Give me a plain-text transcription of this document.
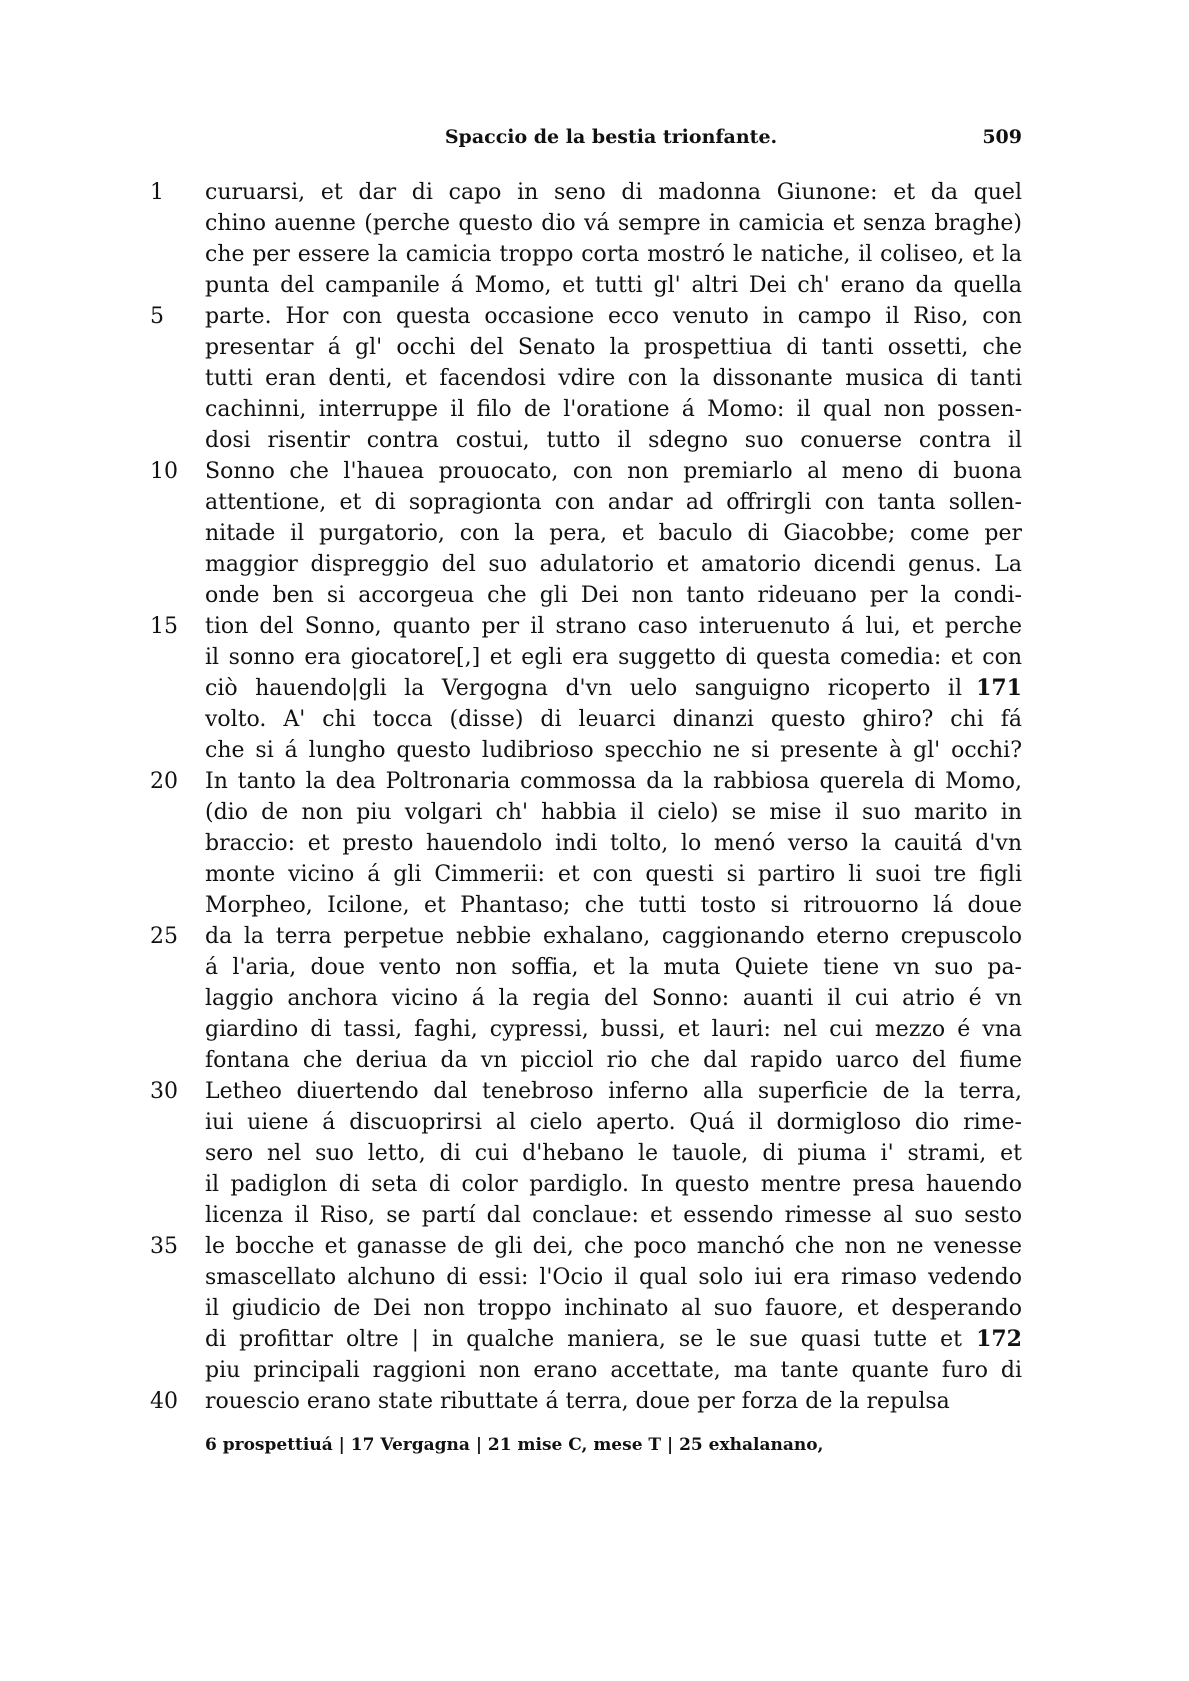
Spaccio de la bestia trionfante.	509
1	curuarsi, et dar di capo in seno di madonna Giunone: et da quel
chino auenne (perche questo dio vá sempre in camicia et senza braghe)
che per essere la camicia troppo corta mostró le natiche, il coliseo, et la
punta del campanile á Momo, et tutti gl' altri Dei ch' erano da quella
5	parte. Hor con questa occasione ecco venuto in campo il Riso, con
presentar á gl' occhi del Senato la prospettiua di tanti ossetti, che
tutti eran denti, et facendosi vdire con la dissonante musica di tanti
cachinni, interruppe il filo de l'oratione á Momo: il qual non possen-
dosi risentir contra costui, tutto il sdegno suo conuerse contra il
10	Sonno che l'hauea prouocato, con non premiarlo al meno di buona
attentione, et di sopragionta con andar ad offrirgli con tanta sollen-
nitade il purgatorio, con la pera, et baculo di Giacobbe; come per
maggior dispreggio del suo adulatorio et amatorio dicendi genus. La
onde ben si accorgeua che gli Dei non tanto rideuano per la condi-
15	tion del Sonno, quanto per il strano caso interuenuto á lui, et perche
il sonno era giocatore[,] et egli era suggetto di questa comedia: et con
ciò hauendo|gli la Vergogna d'vn uelo sanguigno ricoperto il 171
volto. A' chi tocca (disse) di leuarci dinanzi questo ghiro? chi fá
che si á lungho questo ludibrioso specchio ne si presente à gl' occhi?
20	In tanto la dea Poltronaria commossa da la rabbiosa querela di Momo,
(dio de non piu volgari ch' habbia il cielo) se mise il suo marito in
braccio: et presto hauendolo indi tolto, lo menó verso la cauitá d'vn
monte vicino á gli Cimmerii: et con questi si partiro li suoi tre figli
Morpheo, Icilone, et Phantaso; che tutti tosto si ritrouorno lá doue
25	da la terra perpetue nebbie exhalano, caggionando eterno crepuscolo
á l'aria, doue vento non soffia, et la muta Quiete tiene vn suo pa-
laggio anchora vicino á la regia del Sonno: auanti il cui atrio é vn
giardino di tassi, faghi, cypressi, bussi, et lauri: nel cui mezzo é vna
fontana che deriua da vn picciol rio che dal rapido uarco del fiume
30	Letheo diuertendo dal tenebroso inferno alla superficie de la terra,
iui uiene á discuoprirsi al cielo aperto. Quá il dormigloso dio rime-
sero nel suo letto, di cui d'hebano le tauole, di piuma i' strami, et
il padiglon di seta di color pardiglo. In questo mentre presa hauendo
licenza il Riso, se partí dal conclaue: et essendo rimesse al suo sesto
35	le bocche et ganasse de gli dei, che poco manchó che non ne venesse
smascellato alchuno di essi: l'Ocio il qual solo iui era rimaso vedendo
il giudicio de Dei non troppo inchinato al suo fauore, et desperando
di profittar oltre | in qualche maniera, se le sue quasi tutte et 172
piu principali raggioni non erano accettate, ma tante quante furo di
40	rouescio erano state ributtate á terra, doue per forza de la repulsa
6 prospettiuá | 17 Vergagna | 21 mise C, mese T | 25 exhalanano,
